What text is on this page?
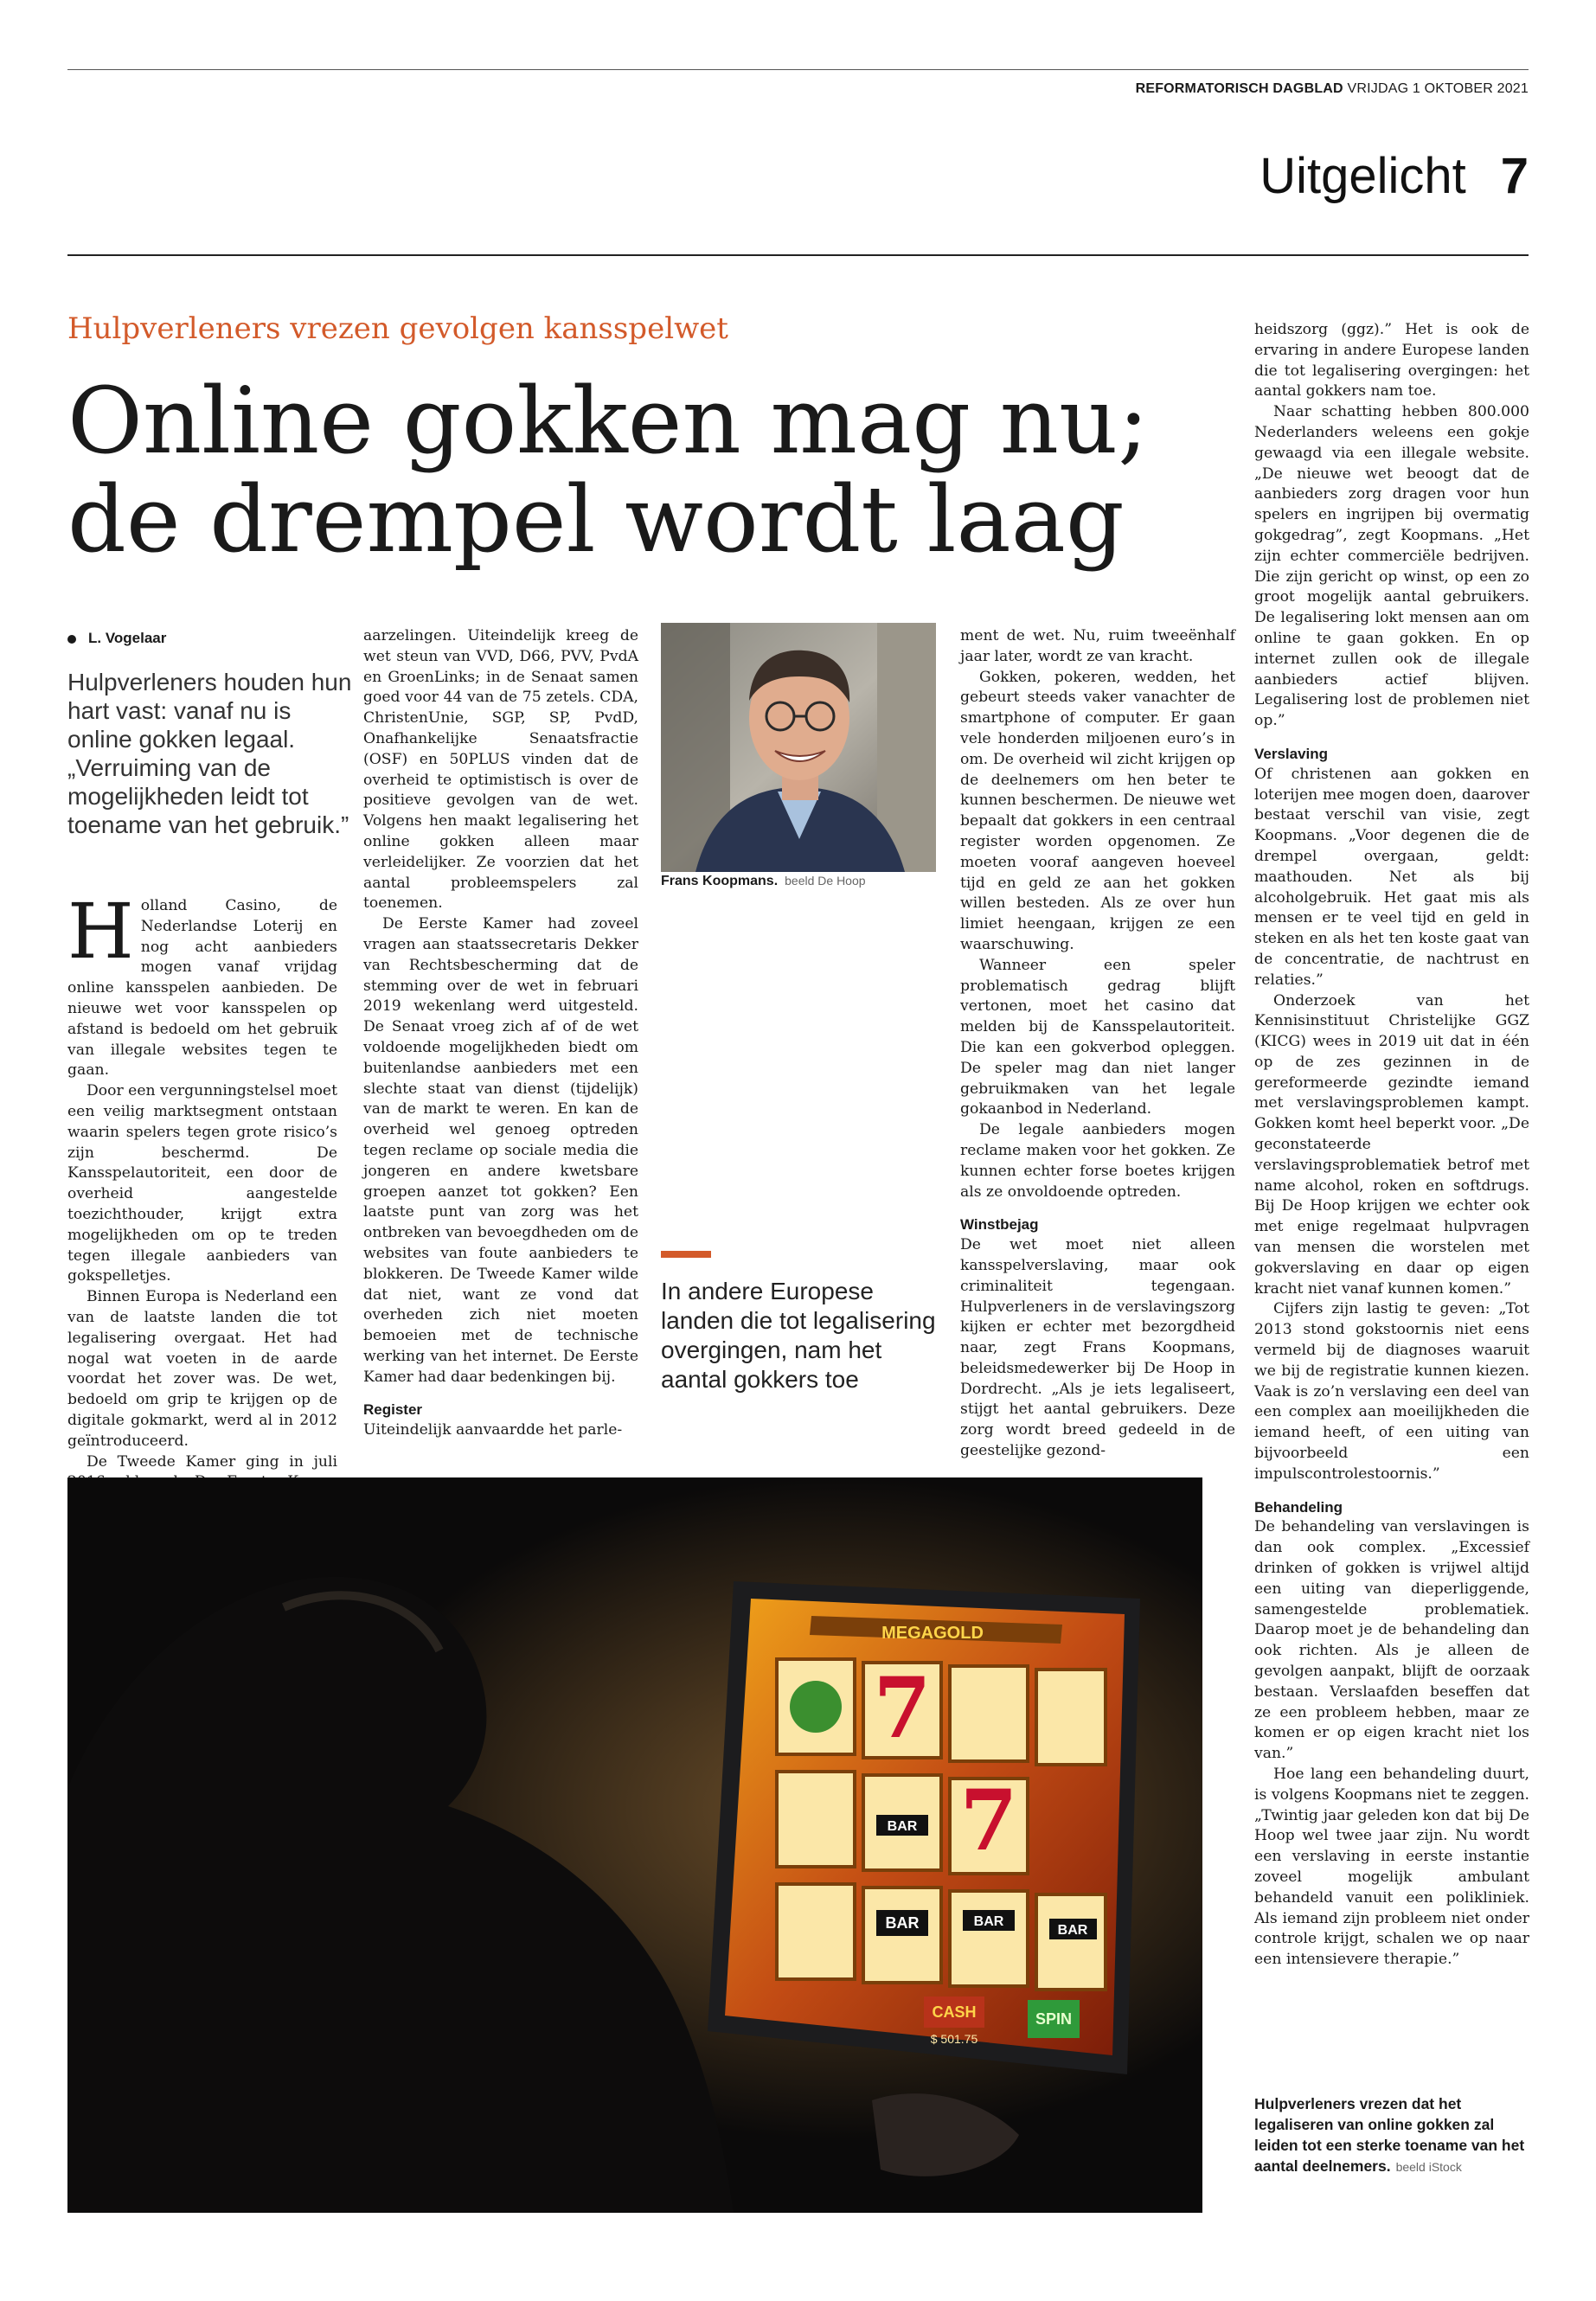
REFORMATORISCH DAGBLAD VRIJDAG 1 OKTOBER 2021
Uitgelicht 7
Hulpverleners vrezen gevolgen kansspelwet
Online gokken mag nu;
de drempel wordt laag
L. Vogelaar
Hulpverleners houden hun hart vast: vanaf nu is online gokken legaal. „Verruiming van de mogelijkheden leidt tot toename van het gebruik.”

Holland Casino, de Nederlandse Loterij en nog acht aanbieders mogen vanaf vrijdag online kansspelen aanbieden. De nieuwe wet voor kansspelen op afstand is bedoeld om het gebruik van illegale websites tegen te gaan.

Door een vergunningstelsel moet een veilig marktsegment ontstaan waarin spelers tegen grote risico’s zijn beschermd. De Kansspelautoriteit, een door de overheid aangestelde toezichthouder, krijgt extra mogelijkheden om op te treden tegen illegale aanbieders van gokspelletjes.

Binnen Europa is Nederland een van de laatste landen die tot legalisering overgaat. Het had nogal wat voeten in de aarde voordat het zover was. De wet, bedoeld om grip te krijgen op de digitale gokmarkt, werd al in 2012 geïntroduceerd.

De Tweede Kamer ging in juli

aarzelingen. Uiteindelijk kreeg de wet steun van VVD, D66, PVV, PvdA en GroenLinks; in de Senaat samen goed voor 44 van de 75 zetels. CDA, ChristenUnie, SGP, SP, PvdD, Onafhankelijke Senaatsfractie (OSF) en 50PLUS vinden dat de overheid te optimistisch is over de positieve gevolgen van de wet. Volgens hen maakt legalisering het online gokken alleen maar verleidelijker. Ze voorzien dat het aantal probleemspelers zal toenemen.

De Eerste Kamer had zoveel vragen aan staatssecretaris Dekker van Rechtsbescherming dat de stemming over de wet in februari 2019 wekenlang werd uitgesteld. De Senaat vroeg zich af of de wet voldoende mogelijkheden biedt om buitenlandse aanbieders met een slechte staat van dienst (tijdelijk) van de markt te weren. En kan de overheid wel genoeg optreden tegen reclame op sociale media die jongeren en andere kwetsbare groepen aanzet tot gokken? Een laatste punt van zorg was het ontbreken van bevoegdheden om de websites van foute aanbieders te blokkeren. De Tweede Kamer wilde dat niet, want ze vond dat overheden zich niet moeten bemoeien met de technische werking van het internet. De Eerste Kamer had daar bedenkingen bij.

Register

Uiteindelijk aanvaardde het parle-

Frans Koopmans. beeld De Hoop
In andere Europese landen die tot legalisering overgingen, nam het aantal gokkers toe

ment de wet. Nu, ruim tweeënhalf jaar later, wordt ze van kracht.

Gokken, pokeren, wedden, het gebeurt steeds vaker vanachter de smartphone of computer. Er gaan vele honderden miljoenen euro’s in om. De overheid wil zicht krijgen op de deelnemers om hen beter te kunnen beschermen. De nieuwe wet bepaalt dat gokkers in een centraal register worden opgenomen. Ze moeten vooraf aangeven hoeveel tijd en geld ze aan het gokken willen besteden. Als ze over hun limiet heengaan, krijgen ze een waarschuwing.

Wanneer een speler problematisch gedrag blijft vertonen, moet het casino dat melden bij de Kansspelautoriteit. Die kan een gokverbod opleggen. De speler mag dan niet langer gebruikmaken van het legale gokaanbod in Nederland.

De legale aanbieders mogen reclame maken voor het gokken. Ze kunnen echter forse boetes krijgen als ze onvoldoende optreden.

Winstbejag

De wet moet niet alleen kansspelverslaving, maar ook criminaliteit tegengaan. Hulpverleners in de verslavingszorg kijken er echter met bezorgdheid naar, zegt Frans Koopmans, beleidsmedewerker bij De Hoop in Dordrecht. „Als je iets legaliseert, stijgt het aantal gebruikers. Deze zorg wordt breed gedeeld in de geestelijke gezond-

heidszorg (ggz).” Het is ook de ervaring in andere Europese landen die tot legalisering overgingen: het aantal gokkers nam toe.

Naar schatting hebben 800.000 Nederlanders weleens een gokje gewaagd via een illegale website. „De nieuwe wet beoogt dat de aanbieders zorg dragen voor hun spelers en ingrijpen bij overmatig gokgedrag”, zegt Koopmans. „Het zijn echter commerciële bedrijven. Die zijn gericht op winst, op een zo groot mogelijk aantal gebruikers. De legalisering lokt mensen aan om online te gaan gokken. En op internet zullen ook de illegale aanbieders actief blijven. Legalisering lost de problemen niet op.”

Verslaving

Of christenen aan gokken en loterijen mee mogen doen, daarover bestaat verschil van visie, zegt Koopmans. „Voor degenen die de drempel overgaan, geldt: maathouden. Net als bij alcoholgebruik. Het gaat mis als mensen er te veel tijd en geld in steken en als het ten koste gaat van de concentratie, de nachtrust en relaties.”

Onderzoek van het Kennisinstituut Christelijke GGZ (KICG) wees in 2019 uit dat in één op de zes gezinnen in de gereformeerde gezindte iemand met verslavingsproblemen kampt. Gokken komt heel beperkt voor. „De geconstateerde verslavingsproblematiek betrof met name alcohol, roken en softdrugs. Bij De Hoop krijgen we echter ook met enige regelmaat hulpvragen van mensen die worstelen met gokverslaving en daar op eigen kracht niet vanaf kunnen komen.”

Cijfers zijn lastig te geven: „Tot 2013 stond gokstoornis niet eens vermeld bij de diagnoses waaruit we bij de registratie kunnen kiezen. Vaak is zo’n verslaving een deel van een complex aan moeilijkheden die iemand heeft, of een uiting van bijvoorbeeld een impulscontrolestoornis.”

Behandeling

De behandeling van verslavingen is dan ook complex. „Excessief drinken of gokken is vrijwel altijd een uiting van dieperliggende, samengestelde problematiek. Daarop moet je de behandeling dan ook richten. Als je alleen de gevolgen aanpakt, blijft de oorzaak bestaan. Verslaafden beseffen dat ze een probleem hebben, maar ze komen er op eigen kracht niet los van.”

Hoe lang een behandeling duurt, is volgens Koopmans niet te zeggen. „Twintig jaar geleden kon dat bij De Hoop wel twee jaar zijn. Nu wordt een verslaving in eerste instantie zoveel mogelijk ambulant behandeld vanuit een polikliniek. Als iemand zijn probleem niet onder controle krijgt, schalen we op naar een intensievere therapie.”

MEGAGOLD
7
7
BAR
BAR	BAR
BAR
CASH
$ 501.75
SPIN
Hulpverleners vrezen dat het legaliseren van online gokken zal leiden tot een sterke toename van het aantal deelnemers. beeld iStock
